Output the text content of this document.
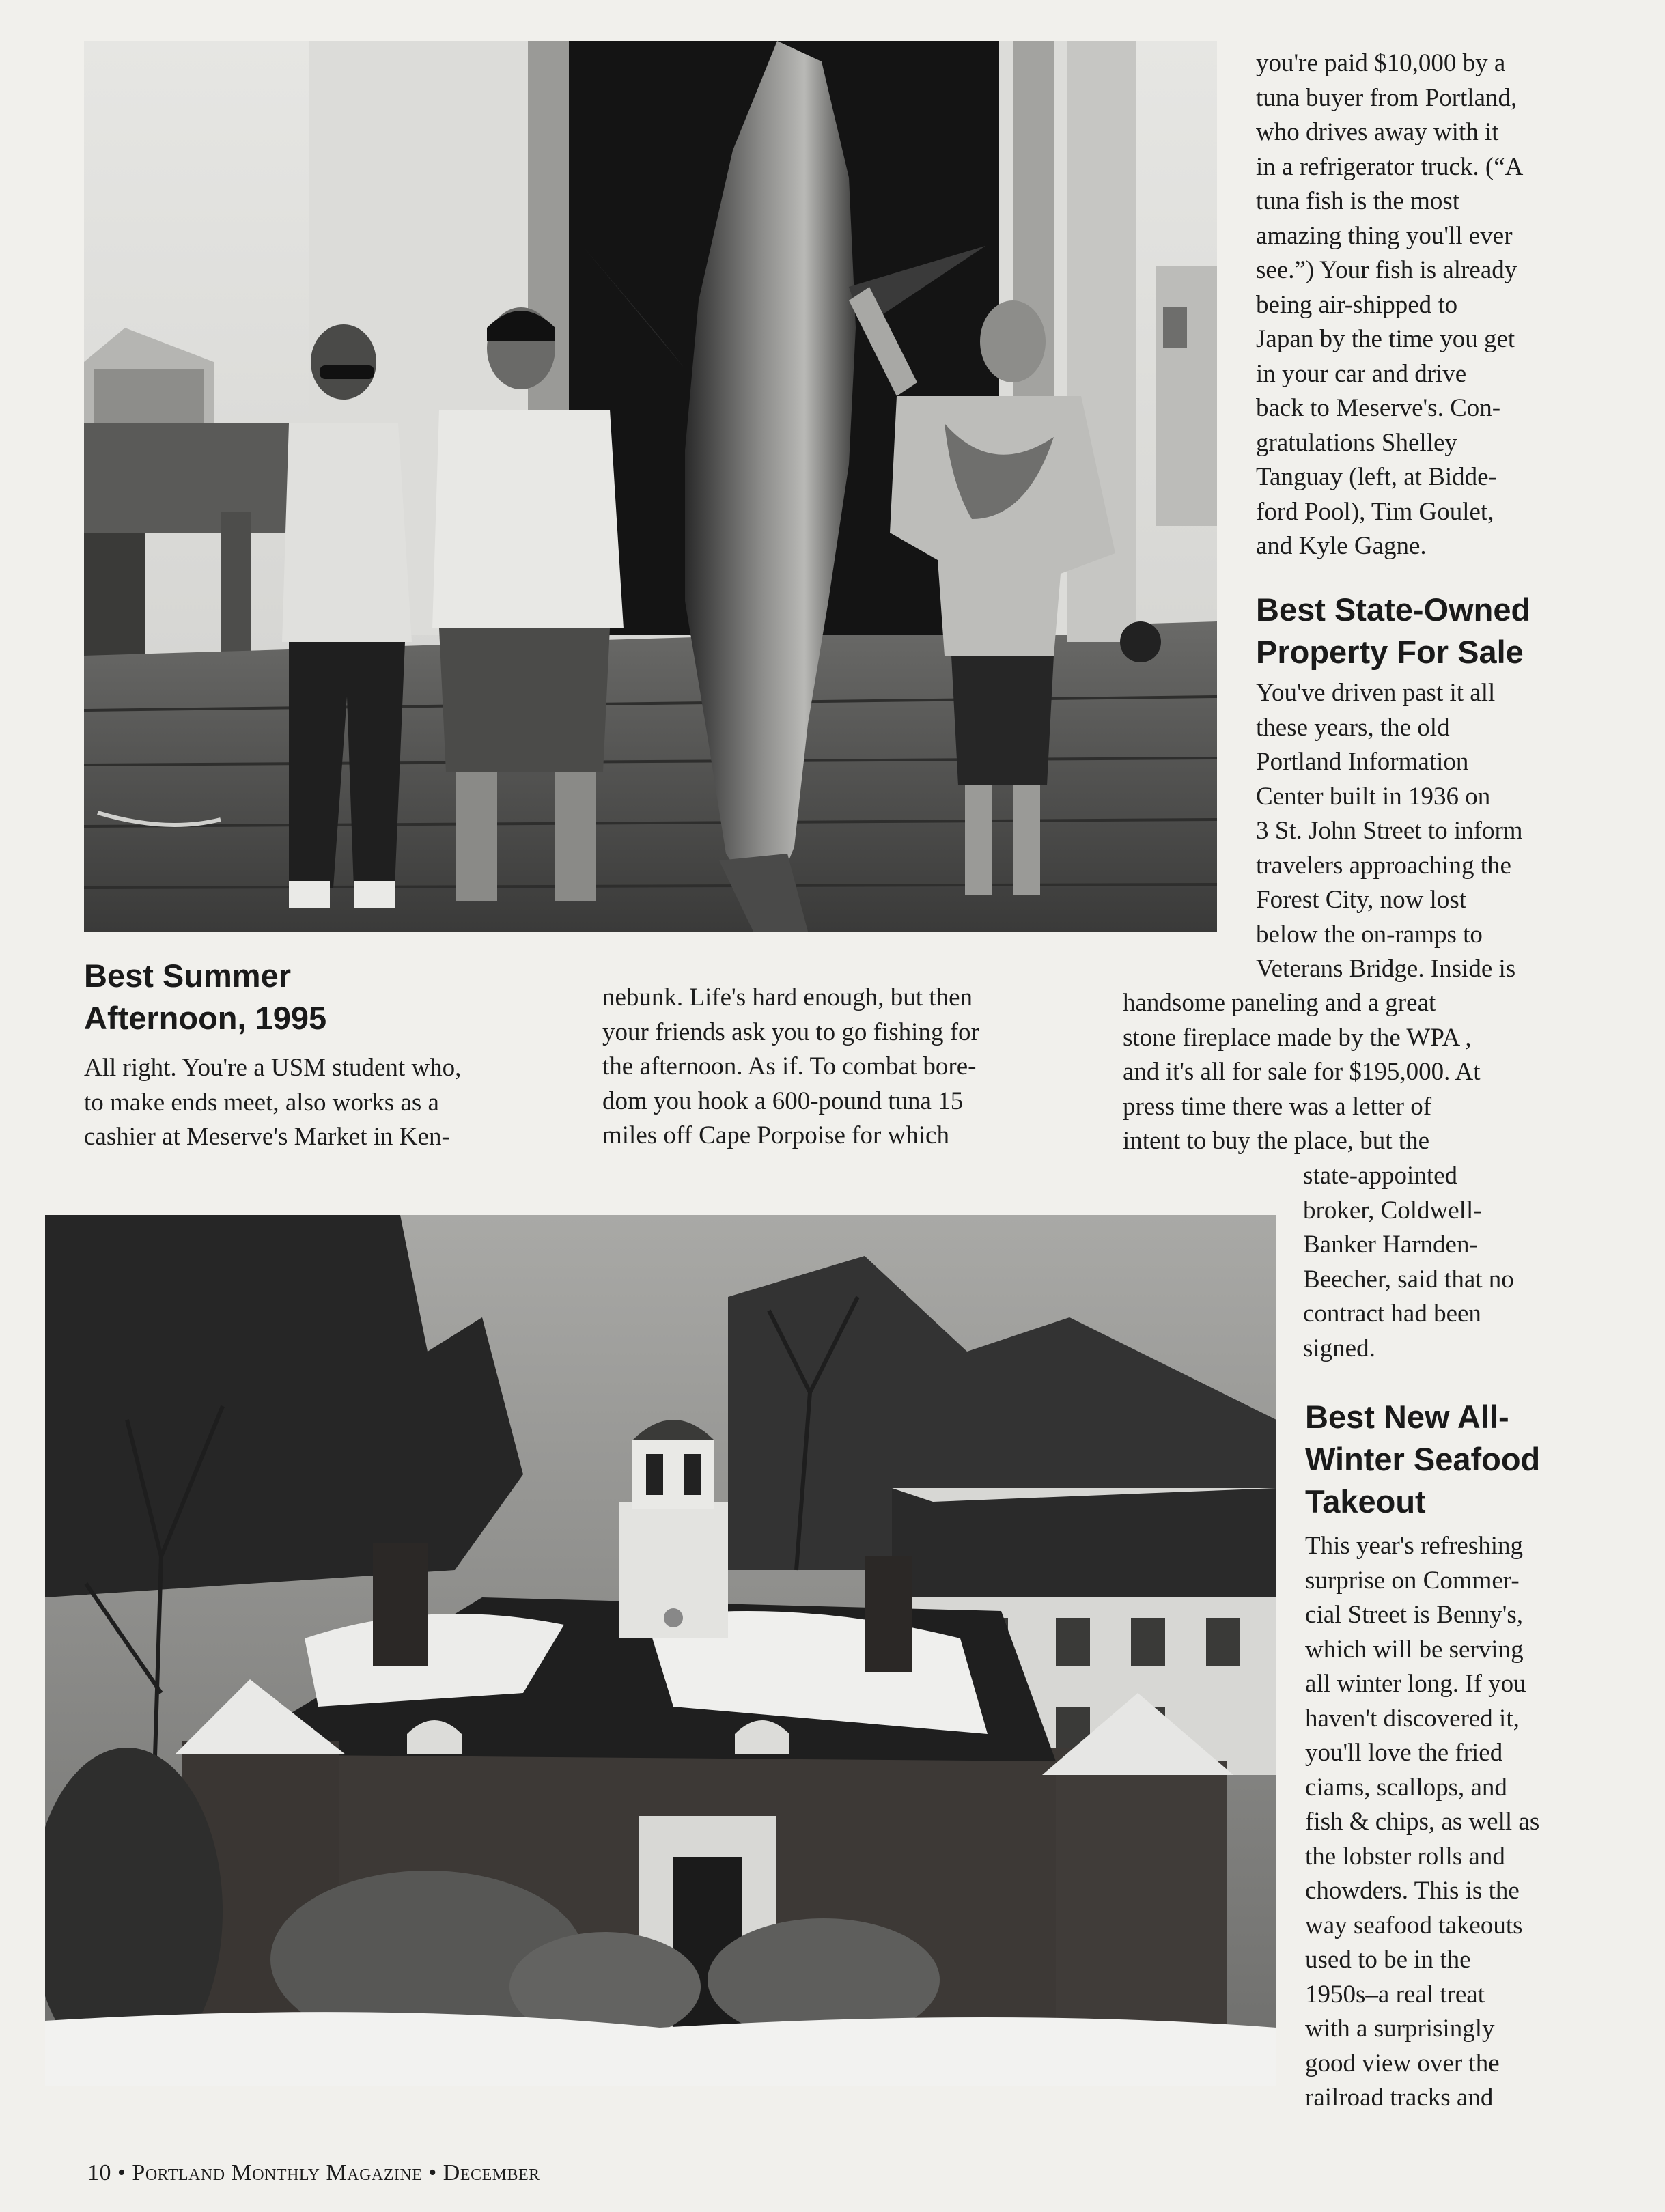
you're paid $10,000 by a
tuna buyer from Portland,
who drives away with it
in a refrigerator truck. (“A
tuna fish is the most
amazing thing you'll ever
see.”) Your fish is already
being air-shipped to
Japan by the time you get
in your car and drive
back to Meserve's. Con-
gratulations Shelley
Tanguay (left, at Bidde-
ford Pool), Tim Goulet,
and Kyle Gagne.
Best State-Owned
Property For Sale
You've driven past it all
these years, the old
Portland Information
Center built in 1936 on
3 St. John Street to inform
travelers approaching the
Forest City, now lost
below the on-ramps to
Veterans Bridge. Inside is
handsome paneling and a great
stone fireplace made by the WPA ,
and it's all for sale for $195,000. At
press time there was a letter of
intent to buy the place, but the
state-appointed
broker, Coldwell-
Banker Harnden-
Beecher, said that no
contract had been
signed.
Best Summer
Afternoon, 1995
All right. You're a USM student who,
to make ends meet, also works as a
cashier at Meserve's Market in Ken-
nebunk. Life's hard enough, but then
your friends ask you to go fishing for
the afternoon. As if. To combat bore-
dom you hook a 600-pound tuna 15
miles off Cape Porpoise for which
Best New All-
Winter Seafood
Takeout
This year's refreshing
surprise on Commer-
cial Street is Benny's,
which will be serving
all winter long. If you
haven't discovered it,
you'll love the fried
ciams, scallops, and
fish & chips, as well as
the lobster rolls and
chowders. This is the
way seafood takeouts
used to be in the
1950s–a real treat
with a surprisingly
good view over the
railroad tracks and
10 • Portland Monthly Magazine • December
